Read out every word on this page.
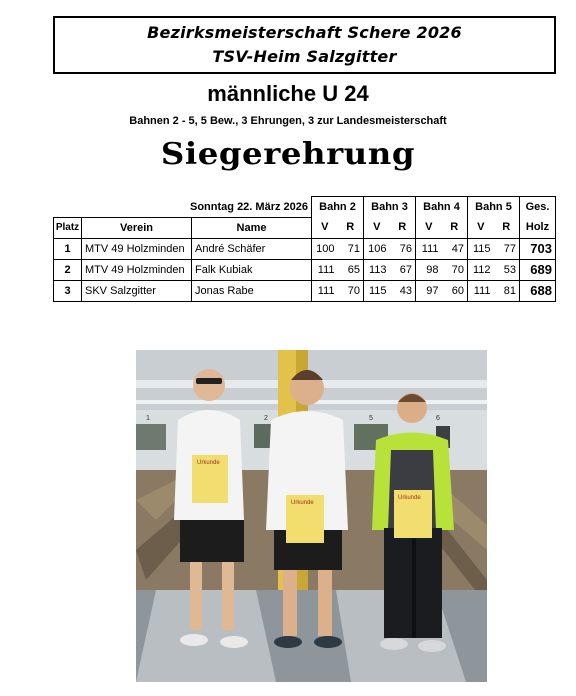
Bezirksmeisterschaft Schere 2026
TSV-Heim Salzgitter
männliche U 24
Bahnen 2 - 5, 5 Bew., 3 Ehrungen, 3 zur Landesmeisterschaft
Siegerehrung
	Sonntag 22. März 2026		Bahn 2		Bahn 3		Bahn 4		Bahn 5		Ges.
Platz	Verein	Name	V	R	V	R	V	R	V	R	Holz
1	MTV 49 Holzminden	André Schäfer	100	71	106	76	111	47	115	77	703
2	MTV 49 Holzminden	Falk Kubiak	111	65	113	67	98	70	112	53	689
3	SKV Salzgitter	Jonas Rabe	111	70	115	43	97	60	111	81	688
1	2	5	6
Urkunde
Urkunde
Urkunde
